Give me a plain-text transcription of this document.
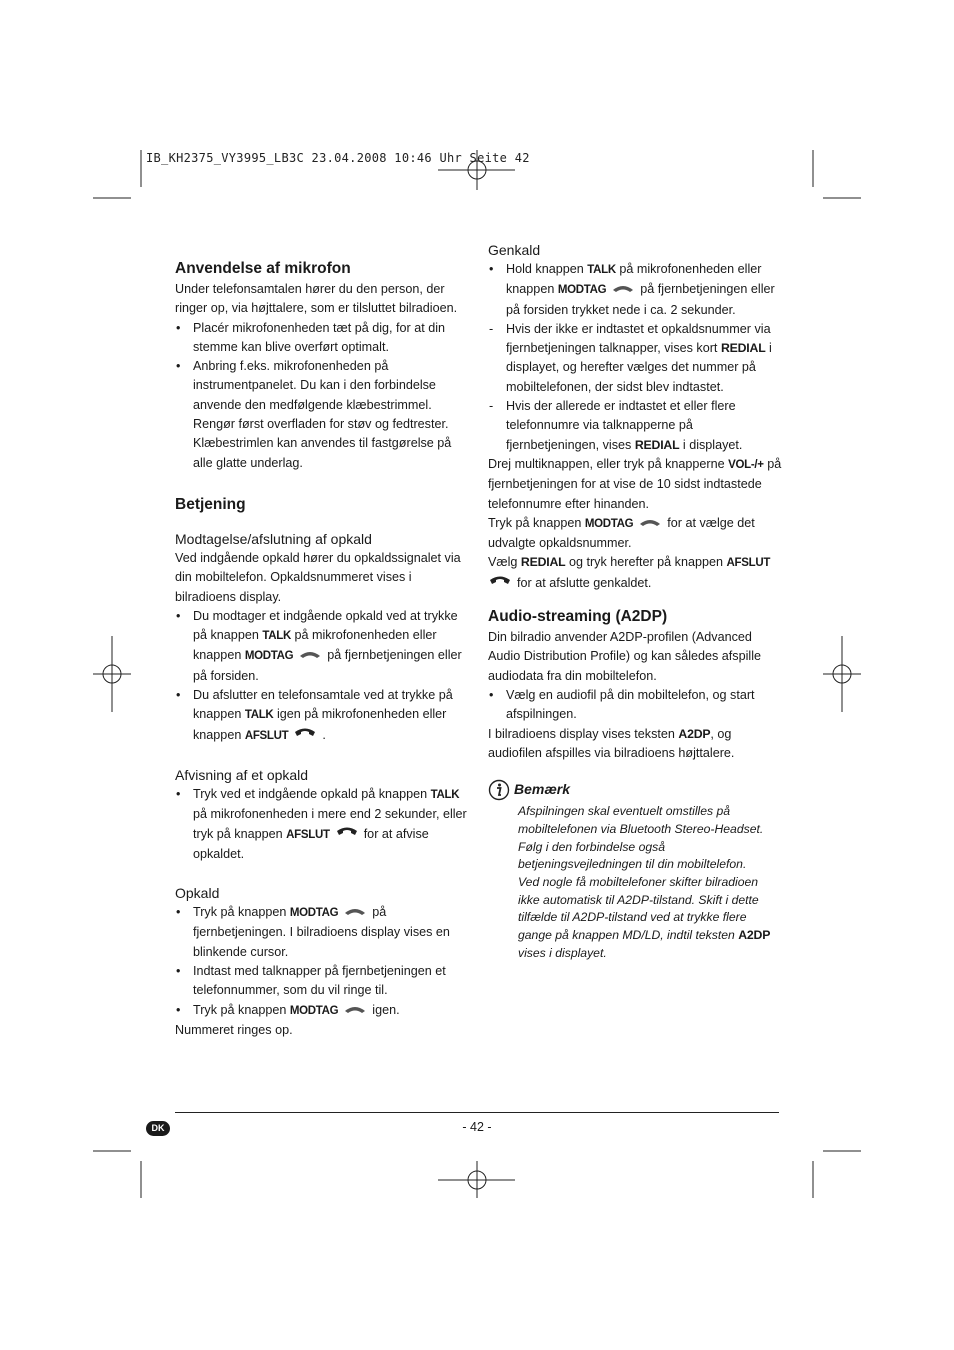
IB_KH2375_VY3995_LB3C 23.04.2008 10:46 Uhr Seite 42
Anvendelse af mikrofon

Under telefonsamtalen hører du den person, der ringer op, via højttalere, som er tilsluttet bilradioen.

• Placér mikrofonenheden tæt på dig, for at din stemme kan blive overført optimalt.
• Anbring f.eks. mikrofonenheden på instrumentpanelet. Du kan i den forbindelse anvende den medfølgende klæbestrimmel. Rengør først overfladen for støv og fedtrester. Klæbestrimlen kan anvendes til fastgørelse på alle glatte underlag.
Betjening
Modtagelse/afslutning af opkald

Ved indgående opkald hører du opkaldssignalet via din mobiltelefon. Opkaldsnummeret vises i bilradioens display.

• Du modtager et indgående opkald ved at trykke på knappen TALK på mikrofonenheden eller knappen MODTAG	på fjernbetjeningen eller på forsiden.
• Du afslutter en telefonsamtale ved at trykke på knappen TALK igen på mikrofonenheden eller knappen AFSLUT	.
Afvisning af et opkald
• Tryk ved et indgående opkald på knappen TALK på mikrofonenheden i mere end 2 sekunder, eller tryk på knappen AFSLUT	for at afvise opkaldet.
Opkald
• Tryk på knappen MODTAG	på fjernbetjeningen. I bilradioens display vises en blinkende cursor.
• Indtast med talknapper på fjernbetjeningen et telefonnummer, som du vil ringe til.
• Tryk på knappen MODTAG	igen.

Nummeret ringes op.

Genkald
• Hold knappen TALK på mikrofonenheden eller knappen MODTAG	på fjernbetjeningen eller på forsiden trykket nede i ca. 2 sekunder.
- Hvis der ikke er indtastet et opkaldsnummer via fjernbetjeningen talknapper, vises kort REDIAL i displayet, og herefter vælges det nummer på mobiltelefonen, der sidst blev indtastet.
- Hvis der allerede er indtastet et eller flere telefonnumre via talknapperne på fjernbetjeningen, vises REDIAL i displayet.

Drej multiknappen, eller tryk på knapperne VOL-/+ på fjernbetjeningen for at vise de 10 sidst indtastede telefonnumre efter hinanden.

Tryk på knappen MODTAG	for at vælge det udvalgte opkaldsnummer.

Vælg REDIAL og tryk herefter på knappen AFSLUT
for at afslutte genkaldet.

Audio-streaming (A2DP)

Din bilradio anvender A2DP-profilen (Advanced Audio Distribution Profile) og kan således afspille audiodata fra din mobiltelefon.

• Vælg en audiofil på din mobiltelefon, og start afspilningen.

I bilradioens display vises teksten A2DP, og audiofilen afspilles via bilradioens højttalere.

Bemærk

Afspilningen skal eventuelt omstilles på mobiltelefonen via Bluetooth Stereo-Headset.

Følg i den forbindelse også betjeningsvejledningen til din mobiltelefon.

Ved nogle få mobiltelefoner skifter bilradioen ikke automatisk til A2DP-tilstand. Skift i dette tilfælde til A2DP-tilstand ved at trykke flere gange på knappen MD/LD, indtil teksten A2DP vises i displayet.

DK	- 42 -
